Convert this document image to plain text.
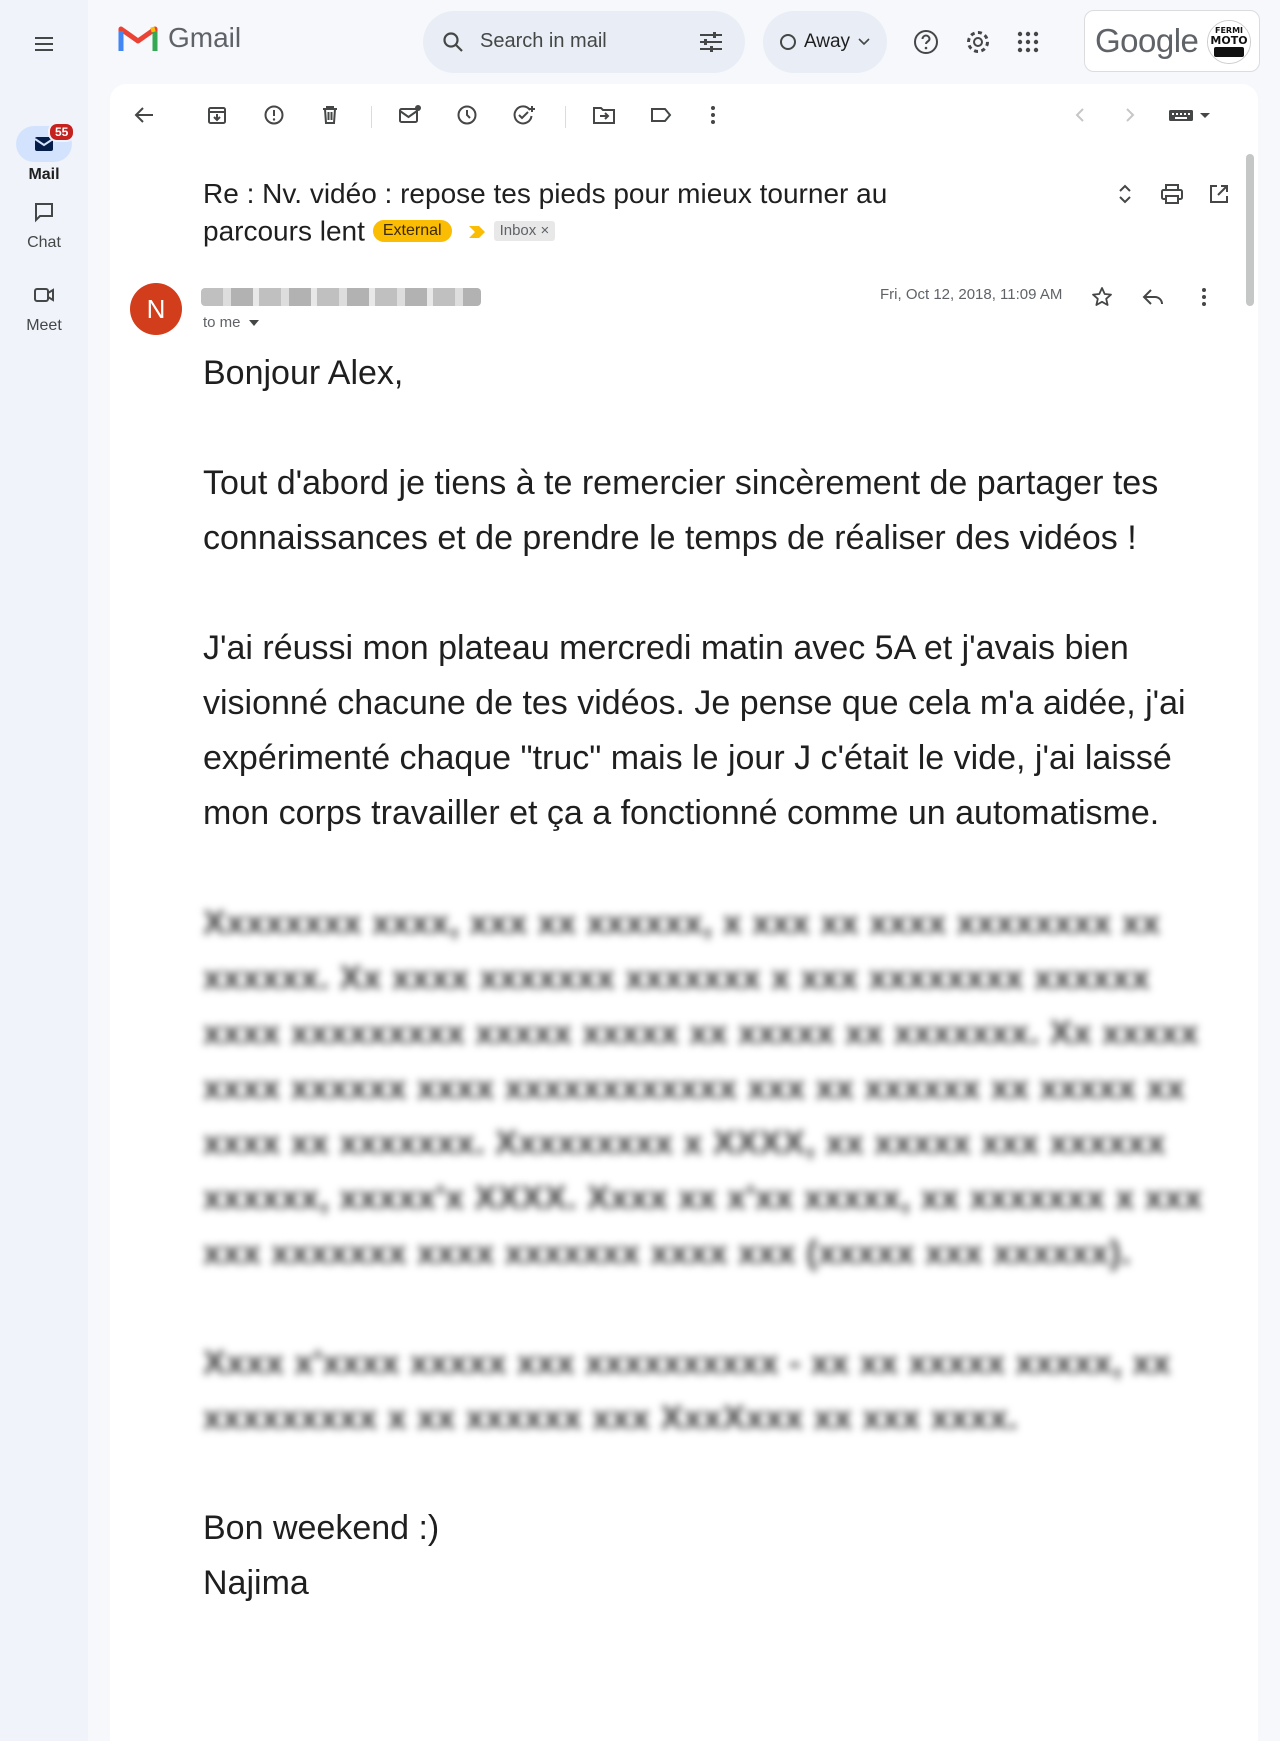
55
Mail
Chat
Meet
Gmail	Search in mail	Away	Google FERMI
MOTO
Re : Nv. vidéo : repose tes pieds pour mieux tourner au parcours lent External	Inbox ×
N	to me
Fri, Oct 12, 2018, 11:09 AM

Bonjour Alex,

Tout d'abord je tiens à te remercier sincèrement de partager tes connaissances et de prendre le temps de réaliser des vidéos !

J'ai réussi mon plateau mercredi matin avec 5A et j'avais bien visionné chacune de tes vidéos. Je pense que cela m'a aidée, j'ai expérimenté chaque "truc" mais le jour J c'était le vide, j'ai laissé mon corps travailler et ça a fonctionné comme un automatisme.

Xxxxxxxx xxxx, xxx xx xxxxxx, x xxx xx xxxx xxxxxxxx xx xxxxxx. Xx xxxx xxxxxxx xxxxxxx x xxx xxxxxxxx xxxxxx xxxx xxxxxxxxx xxxxx xxxxx xx xxxxx xx xxxxxxx. Xx xxxxx xxxx xxxxxx xxxx xxxxxxxxxxxx xxx xx xxxxxx xx xxxxx xx xxxx xx xxxxxxx. Xxxxxxxxx x XXXX, xx xxxxx xxx xxxxxx xxxxxx, xxxxx'x XXXX. Xxxx xx x'xx xxxxx, xx xxxxxxx x xxx xxx xxxxxxx xxxx xxxxxxx xxxx xxx (xxxxx xxx xxxxxx).

Xxxx x'xxxx xxxxx xxx xxxxxxxxxx - xx xx xxxxx xxxxx, xx xxxxxxxxx x xx xxxxxx xxx XxxXxxx xx xxx xxxx.

Bon weekend :)

Najima
